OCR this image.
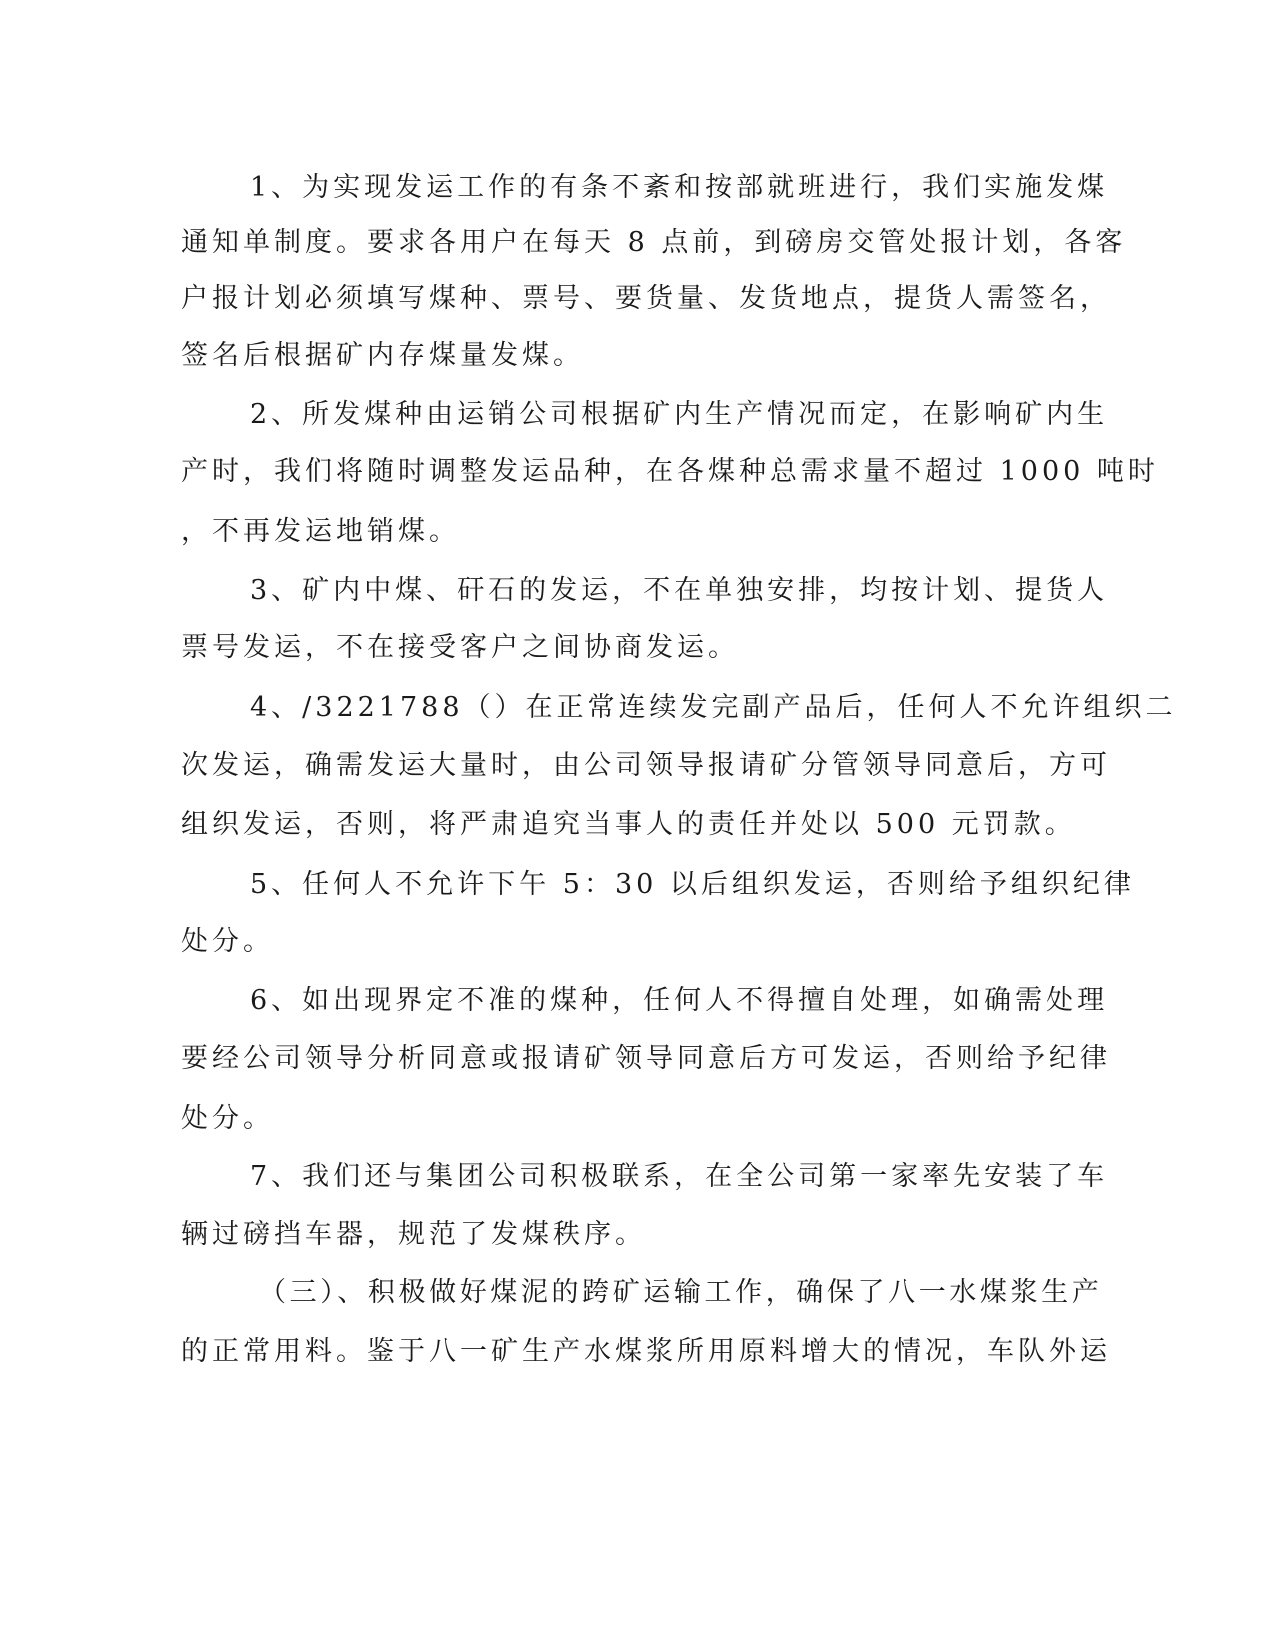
1、为实现发运工作的有条不紊和按部就班进行，我们实施发煤
通知单制度。要求各用户在每天 8 点前，到磅房交管处报计划，各客
户报计划必须填写煤种、票号、要货量、发货地点，提货人需签名，
签名后根据矿内存煤量发煤。
2、所发煤种由运销公司根据矿内生产情况而定，在影响矿内生
产时，我们将随时调整发运品种，在各煤种总需求量不超过 1000 吨时
，不再发运地销煤。
3、矿内中煤、矸石的发运，不在单独安排，均按计划、提货人
票号发运，不在接受客户之间协商发运。
4、/3221788（）在正常连续发完副产品后，任何人不允许组织二
次发运，确需发运大量时，由公司领导报请矿分管领导同意后，方可
组织发运，否则，将严肃追究当事人的责任并处以 500 元罚款。
5、任何人不允许下午 5：30 以后组织发运，否则给予组织纪律
处分。
6、如出现界定不准的煤种，任何人不得擅自处理，如确需处理
要经公司领导分析同意或报请矿领导同意后方可发运，否则给予纪律
处分。
7、我们还与集团公司积极联系，在全公司第一家率先安装了车
辆过磅挡车器，规范了发煤秩序。
（三）、积极做好煤泥的跨矿运输工作，确保了八一水煤浆生产
的正常用料。鉴于八一矿生产水煤浆所用原料增大的情况，车队外运
